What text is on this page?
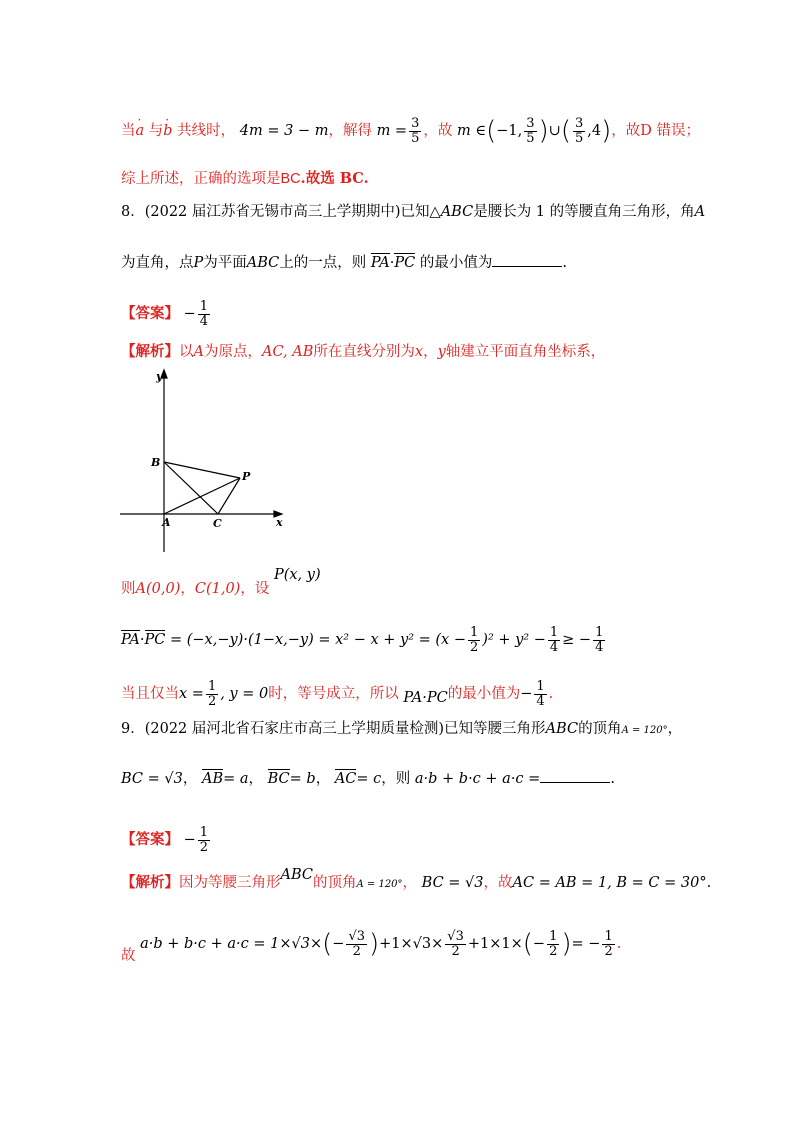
当· a 与· b 共线时， 4m = 3 − m，解得 $m = \frac{3}{5}$ ，故 m ∈(−1, $\frac{3}{5}$ )∪( $\frac{3}{5} ,4$)，故D 错误；
综上所述，正确的选项是BC.故选 BC.
8．(2022 届江苏省无锡市高三上学期期中)已知△ABC是腰长为 1 的等腰直角三角形，角A
为直角，点P为平面ABC上的一点，则 PA·PC 的最小值为	.
【答案】 − $\frac{1}{4}$
【解析】以A为原点，AC, AB所在直线分别为x，y轴建立平面直角坐标系，
y
x
B
P
A	C
则A(0,0)，C(1,0)，设 P(x, y)
$PA\cdot PC = (-x,-y)\cdot(1-x,-y) = x^2 - x + y^2 = (x - \frac{1}{2} )^2 + y^2 - \frac{1}{4}$ ≥ − $\frac{1}{4}$
当且仅当$x = \frac{1}{2}$ , y = 0时，等号成立，所以 PA·PC的最小值为− $\frac{1}{4}$ .
9．(2022 届河北省石家庄市高三上学期质量检测)已知等腰三角形ABC的顶角A = 120°，
BC = √3， AB= a， BC= b， AC= c，则 a·b + b·c + a·c =	.
【答案】 − $\frac{1}{2}$
【解析】因为等腰三角形ABC的顶角A = 120°， BC = √3，故AC = AB = 1, B = C = 30°.
故 $a\cdot b + b\cdot c + a\cdot c = 1\times√3\times(- \frac{√3}{2} )+1\times√3\times \frac{√3}{2} +1\times 1\times(- \frac{1}{2}$ )= − $\frac{1}{2}$ .
